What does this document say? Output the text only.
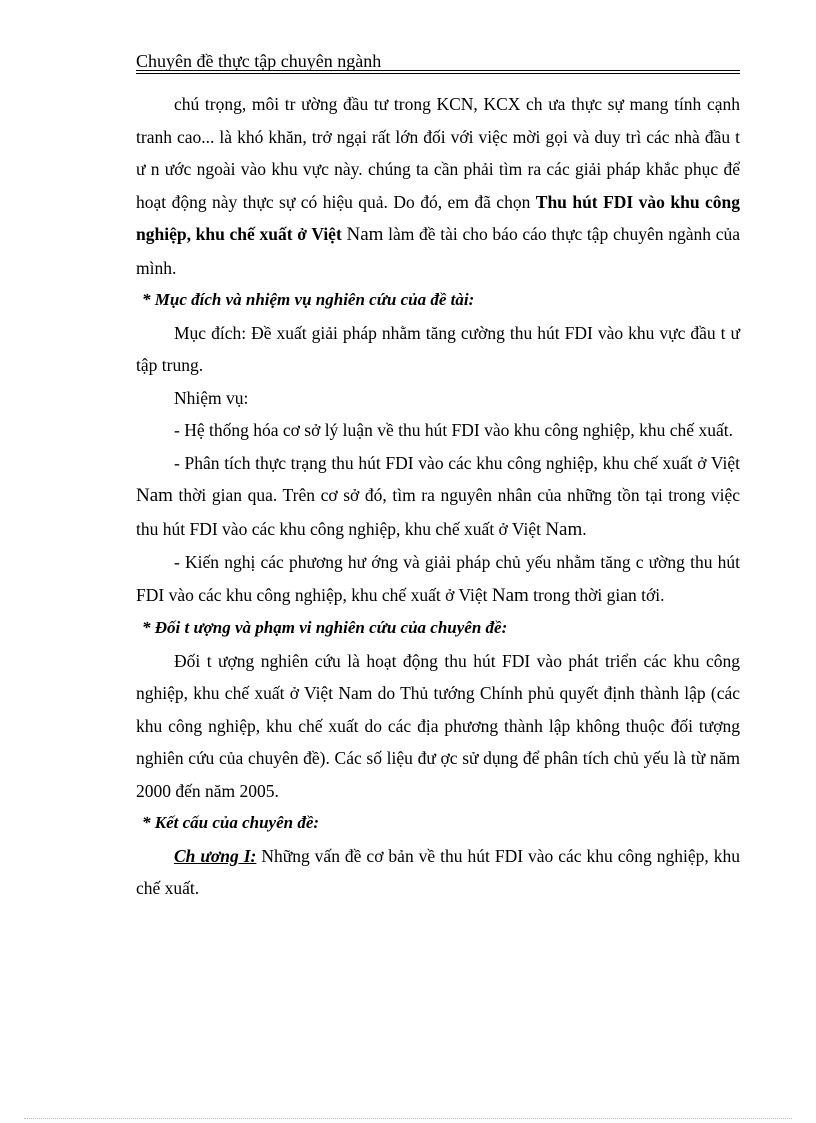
Chuyên đề thực tập chuyên ngành

chú trọng, môi tr ường đầu tư trong KCN, KCX ch ưa thực sự mang tính cạnh tranh cao... là khó khăn, trở ngại rất lớn đối với việc mời gọi và duy trì các nhà đầu t ư n ước ngoài vào khu vực này. chúng ta cần phải tìm ra các giải pháp khắc phục để hoạt động này thực sự có hiệu quả. Do đó, em đã chọn Thu hút FDI vào khu công nghiệp, khu chế xuất ở Việt Nam làm đề tài cho báo cáo thực tập chuyên ngành của mình.

* Mục đích và nhiệm vụ nghiên cứu của đề tài:

Mục đích: Đề xuất giải pháp nhằm tăng cường thu hút FDI vào khu vực đầu t ư tập trung.

Nhiệm vụ:

- Hệ thống hóa cơ sở lý luận về thu hút FDI vào khu công nghiệp, khu chế xuất.

- Phân tích thực trạng thu hút FDI vào các khu công nghiệp, khu chế xuất ở Việt Nam thời gian qua. Trên cơ sở đó, tìm ra nguyên nhân của những tồn tại trong việc thu hút FDI vào các khu công nghiệp, khu chế xuất ở Việt Nam.

- Kiến nghị các phương hư ớng và giải pháp chủ yếu nhằm tăng c ường thu hút FDI vào các khu công nghiệp, khu chế xuất ở Việt Nam trong thời gian tới.

* Đối t ượng và phạm vi nghiên cứu của chuyên đề:

Đối t ượng nghiên cứu là hoạt động thu hút FDI vào phát triển các khu công nghiệp, khu chế xuất ở Việt Nam do Thủ tướng Chính phủ quyết định thành lập (các khu công nghiệp, khu chế xuất do các địa phương thành lập không thuộc đối tượng nghiên cứu của chuyên đề). Các số liệu đư ợc sử dụng để phân tích chủ yếu là từ năm 2000 đến năm 2005.

* Kết cấu của chuyên đề:

Ch ương I: Những vấn đề cơ bản về thu hút FDI vào các khu công nghiệp, khu chế xuất.
